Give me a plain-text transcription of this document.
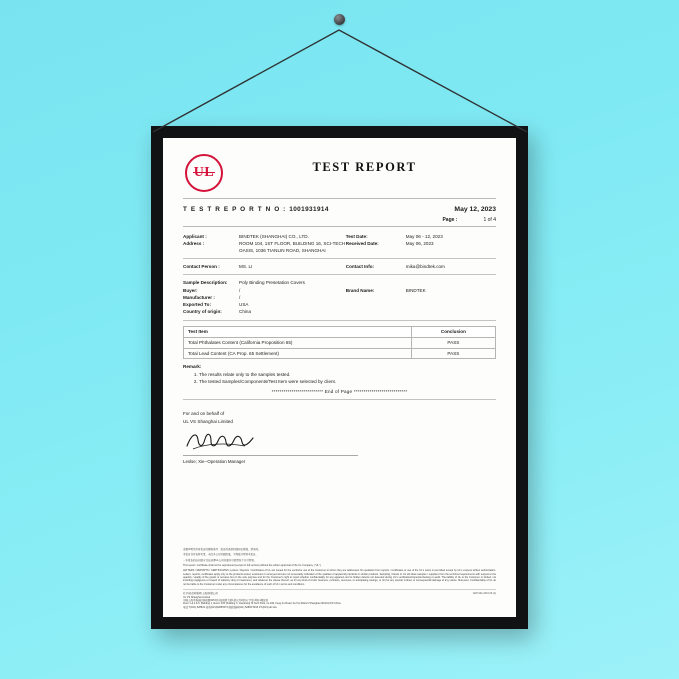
UL	TEST REPORT
T E S T R E P O R T N O : 1001931914	May 12, 2023
Page :	1 of 4
Applicant :	BINDTEK (SHANGHAI) CO., LTD.	Test Date:	May 06 - 12, 2023
Address :	ROOM 104, 1ST FLOOR, BUILDING 16, SCI-TECH OASIS, 1036 TIANLIN ROAD, SHANGHAI
Received Date:	May 06, 2023
Contact Person :	MS. LI	Contact Info:	mika@bindtek.com
Sample Description:	Poly Binding Presetation Covers
Buyer:	/	Brand Name:	BINDTEK
Manufacturer :	/
Exported To:	USA
Country of origin:	China
Test Item	Conclusion
Total Phthalates Content (California Proposition 65)	PASS
Total Lead Content (CA Prop. 65 Settlement)	PASS
Remark:
1. The results relate only to the samples tested.
2. The tested Samples/Components/Test Item were selected by client.
************************** End of Page ***************************
For and on behalf of
UL VS Shanghai Limited
Leslse; Xie--Operation Manager
重要声明及所有报告的限制条件：报告的条款和细则在背面，请详阅。
本报告仅对来样负责。未经本公司书面批准，不得部分复制本报告。
一本报告的任何部分仅在获得UL公司书面许可的情况下方可复制。
This report / certificate shall not be reproduced (except in full version) without the written approval of the UL Company. ("UL")
LETTERS / REPORTS / CERTIFICATES: Letters / Reports / Certificates of UL are issued for the exclusive use of the Customer to whom they are addressed. No quotation from reports / certificates or use of the UL's name is permitted except by UL's express written authorization. Letters, reports, certificates apply only to the products tested, examined or surveyed and are not necessarily indicative of the qualities of apparently identical or similar products. Sampling: Clients or UL will draw samples / suppliers from the technical requirements with respect to the quantity / quality of the goods or services but on the sole purpose and for the Customer's right to report whether confidentiality for any apparent and to hidden defects not detected during UL's verification/inspection/testing or audit. The liability of UL to the Customer or limited, not including negligence or breach of statutory duty or howsoever, and whatever the clause thereof, as for any kind of credit, business, contracts, revenues, or anticipating savings, or (in) for any special, indirect or consequential damage of any nature. Moreover, Confidentiality of UL do not be liable to the Customer under any circumstances for the avoidance of such of UL's terms and conditions.
社.特权资料服务(上海)有限公司
UL VS Shanghai Limited
中国上海市杨浦区国权路525号科技创新大厦1层以及2层东门7层-3楼-1楼层区
Floor 1 & 2 & 5, Building 1, Room 105; Building 3, Caoshang Hi Tech Park, no.199, Feng Fu Road, Ku Hui District Shanghai 200131,P.R.China
电话 T(021) 528831 传真(021)52883573 邮政编码(021) 52883 5913 P.C(021) all size
ADP-001-2019-06 (A)
